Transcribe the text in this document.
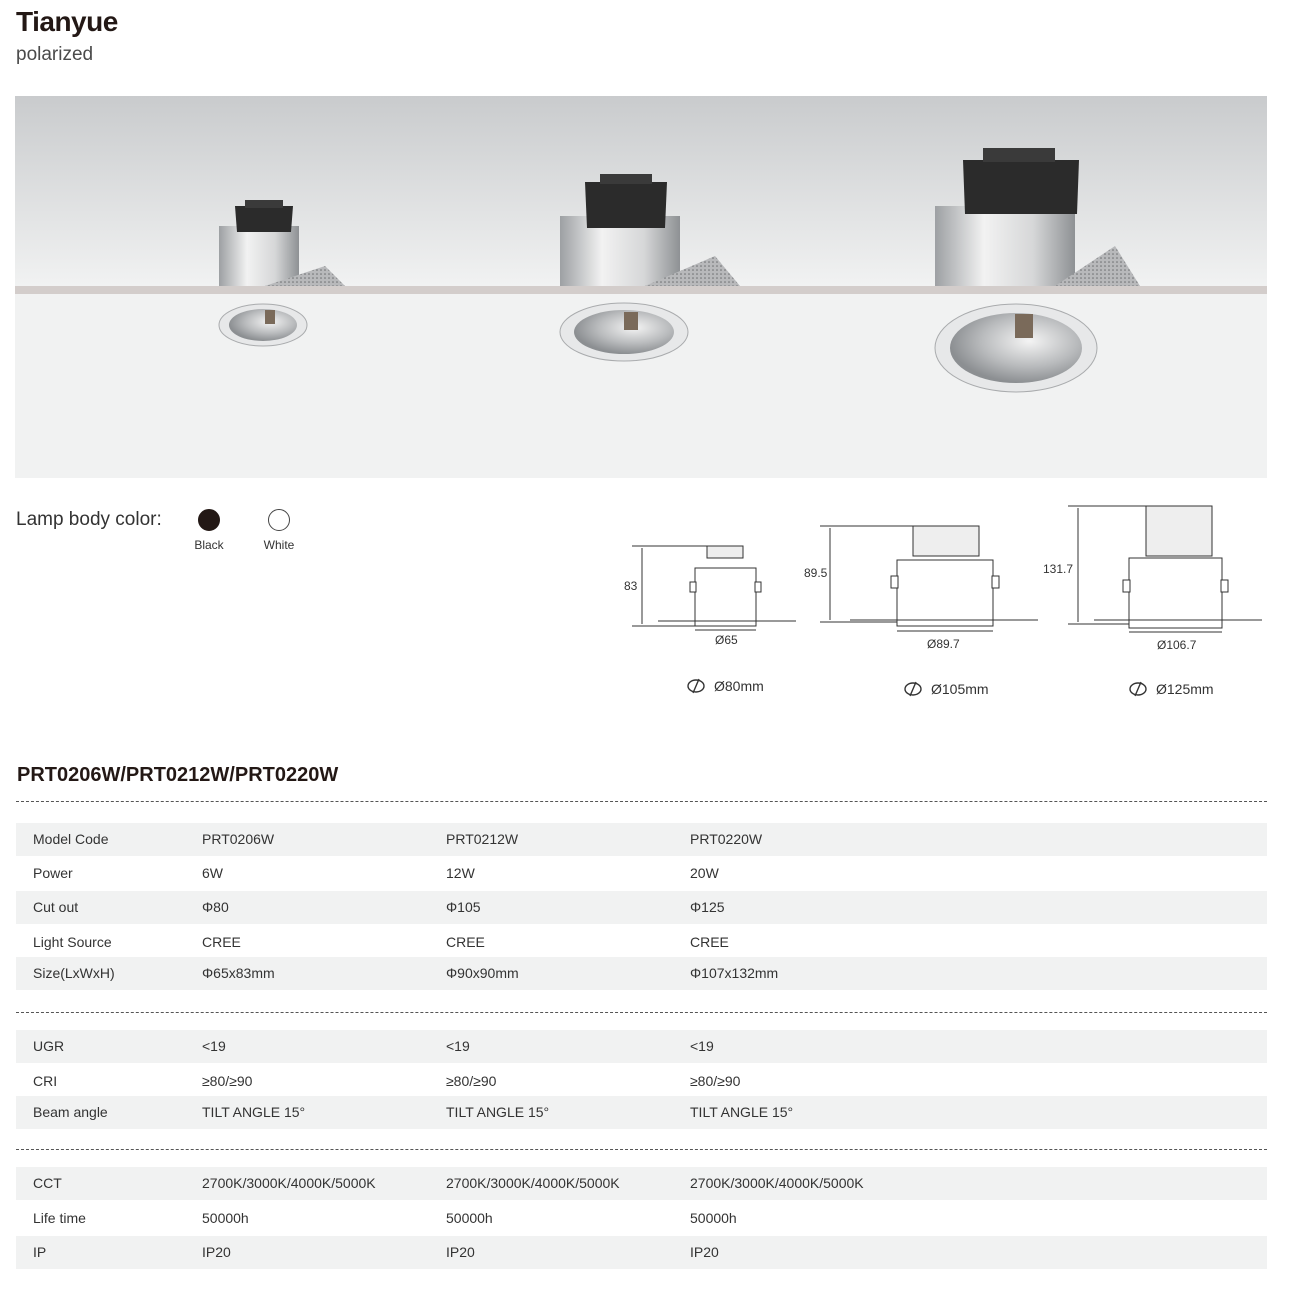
Tianyue
polarized
Lamp body color:
Black	White
83
Ø65
89.5
Ø89.7
131.7
Ø106.7
Ø80mm	Ø105mm	Ø125mm
PRT0206W/PRT0212W/PRT0220W
Model Code	PRT0206W	PRT0212W	PRT0220W
Power	6W	12W	20W
Cut out	Φ80	Φ105	Φ125
Light Source	CREE	CREE	CREE
Size(LxWxH)	Φ65x83mm	Φ90x90mm	Φ107x132mm
UGR	<19	<19	<19
CRI	≥80/≥90	≥80/≥90	≥80/≥90
Beam angle	TILT ANGLE 15°	TILT ANGLE 15°	TILT ANGLE 15°
CCT	2700K/3000K/4000K/5000K	2700K/3000K/4000K/5000K	2700K/3000K/4000K/5000K
Life time	50000h	50000h	50000h
IP	IP20	IP20	IP20
